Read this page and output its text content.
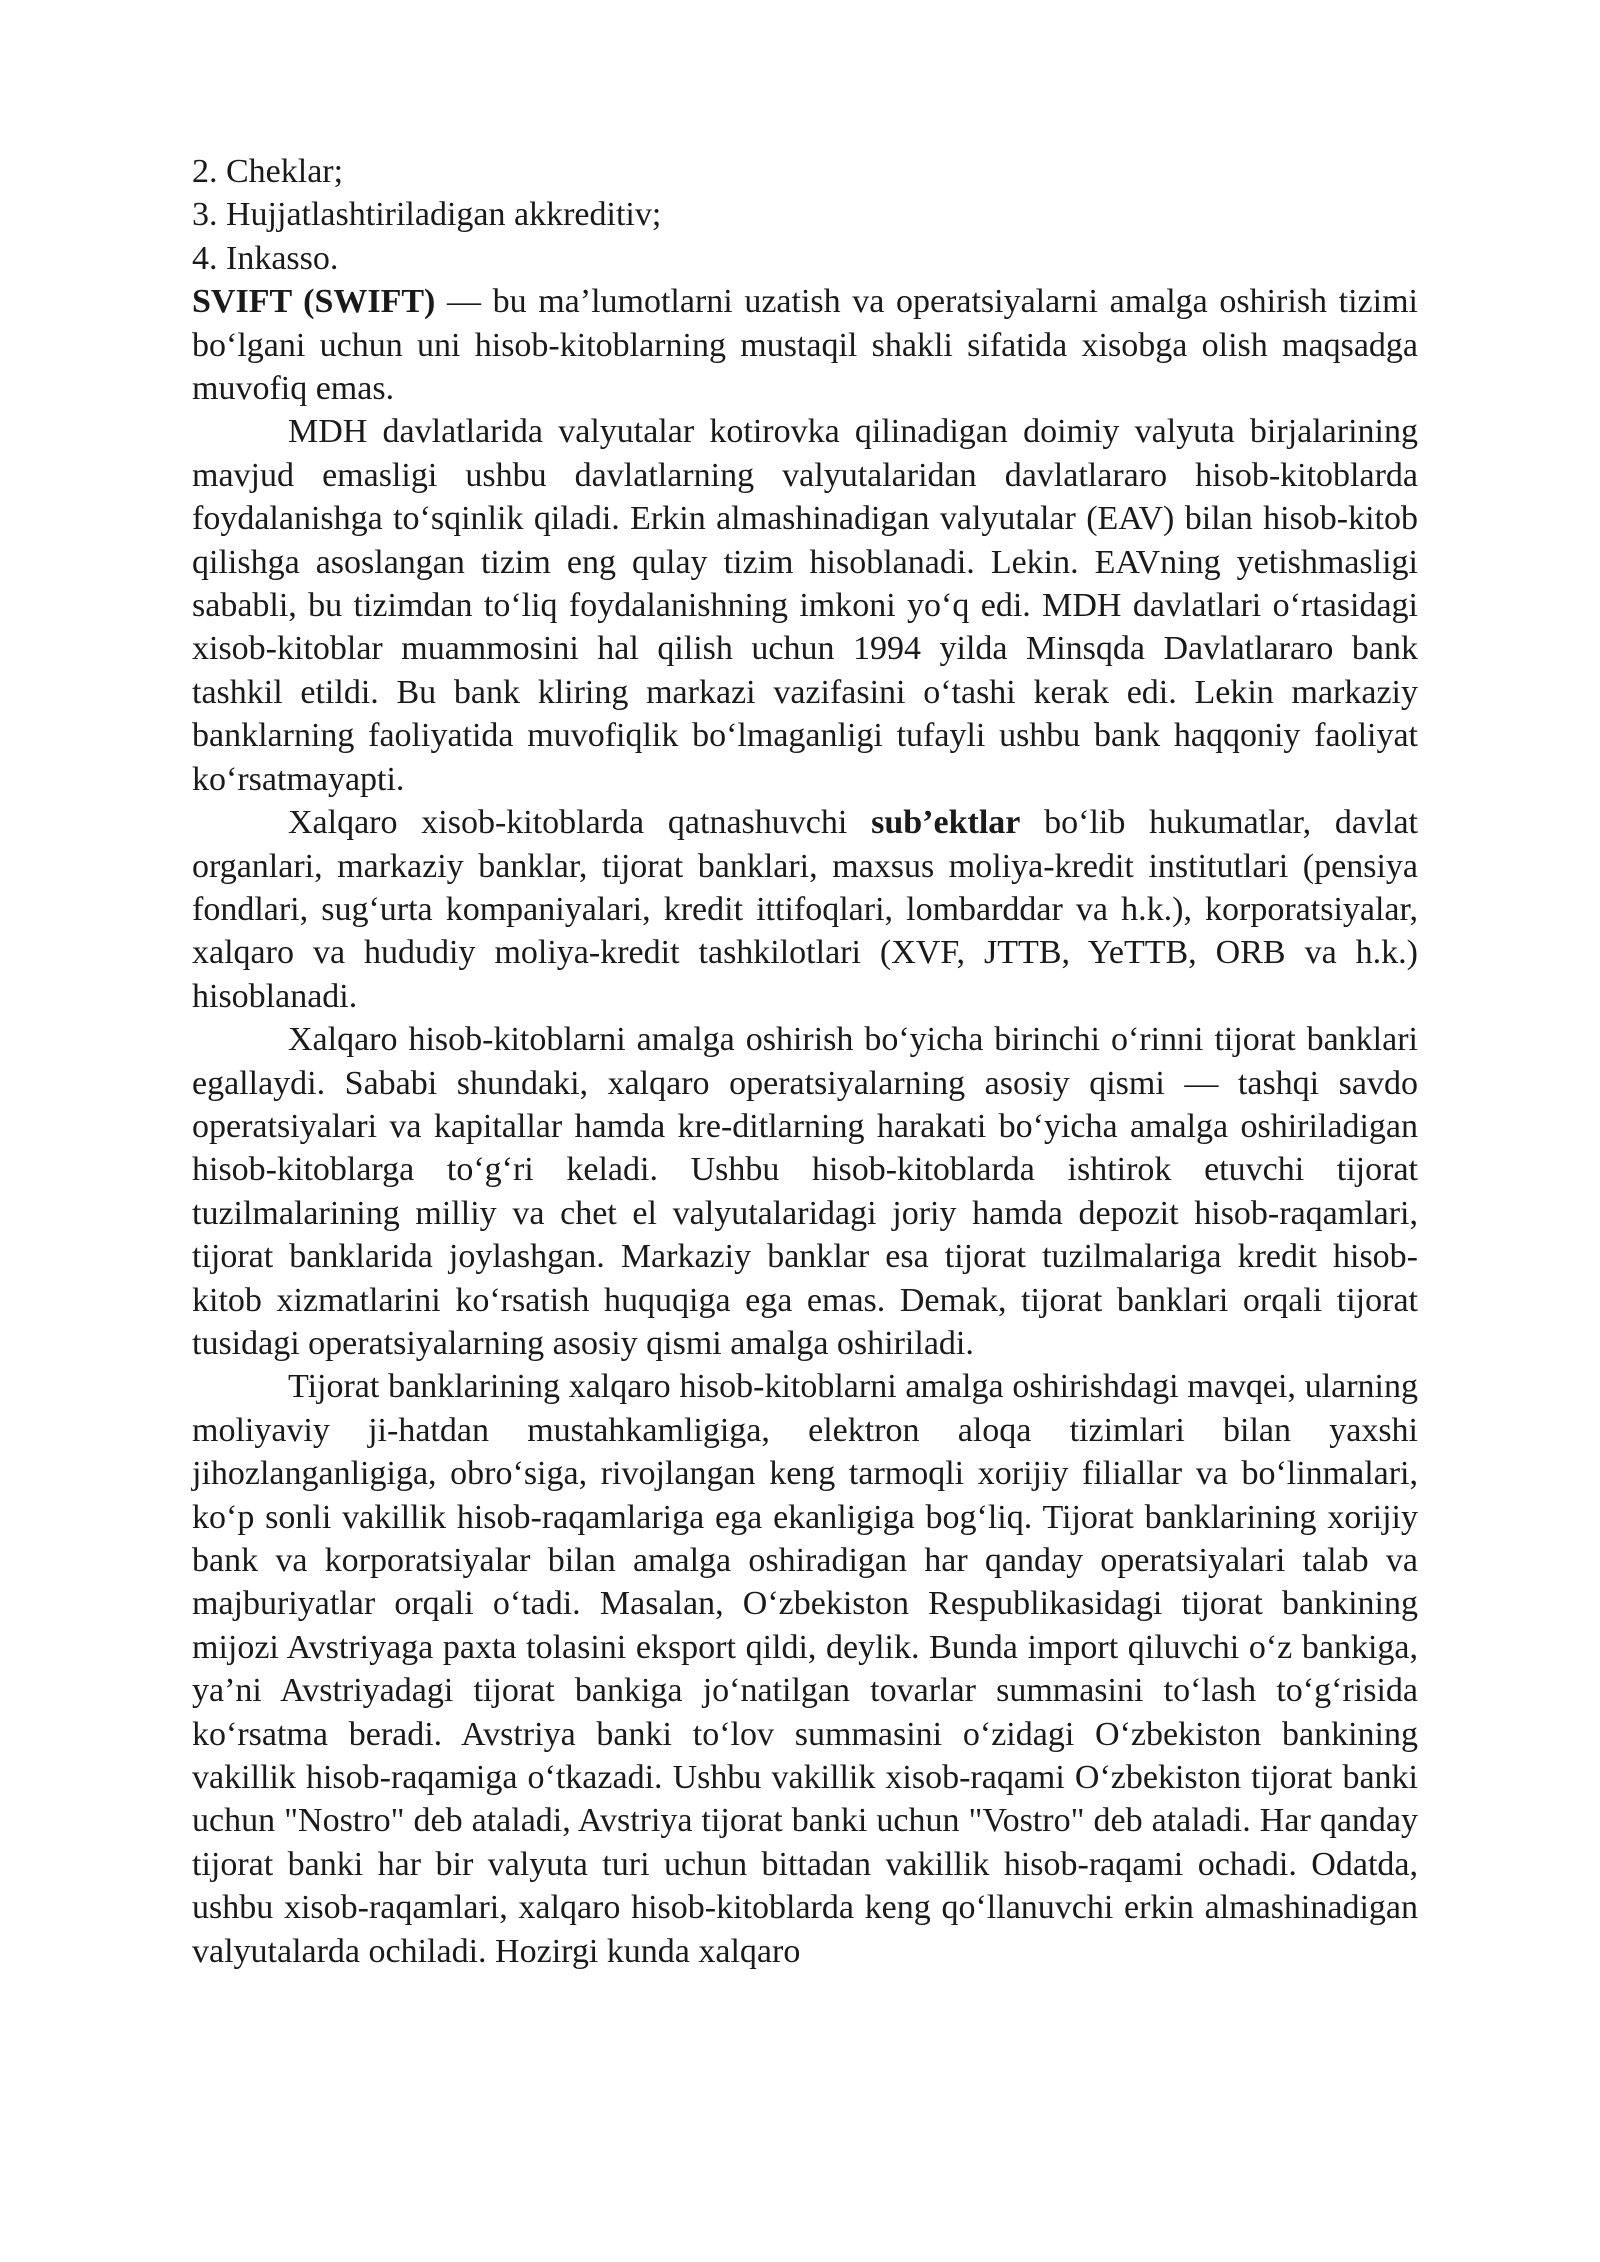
2. Cheklar;

3. Hujjatlashtiriladigan akkreditiv;

4. Inkasso.

SVIFT (SWIFT) — bu ma’lumotlarni uzatish va operatsiyalarni amalga oshirish tizimi bo‘lgani uchun uni hisob-kitoblarning mustaqil shakli sifatida xisobga olish maqsadga muvofiq emas.

MDH davlatlarida valyutalar kotirovka qilinadigan doimiy valyuta birjalarining mavjud emasligi ushbu davlatlarning valyutalaridan davlatlararo hisob-kitoblarda foydalanishga to‘sqinlik qiladi. Erkin almashinadigan valyutalar (EAV) bilan hisob-kitob qilishga asoslangan tizim eng qulay tizim hisoblanadi. Lekin. EAVning yetishmasligi sababli, bu tizimdan to‘liq foydalanishning imkoni yo‘q edi. MDH davlatlari o‘rtasidagi xisob-kitoblar muammosini hal qilish uchun 1994 yilda Minsqda Davlatlararo bank tashkil etildi. Bu bank kliring markazi vazifasini o‘tashi kerak edi. Lekin markaziy banklarning faoliyatida muvofiqlik bo‘lmaganligi tufayli ushbu bank haqqoniy faoliyat ko‘rsatmayapti.

Xalqaro xisob-kitoblarda qatnashuvchi sub’ektlar bo‘lib hukumatlar, davlat organlari, markaziy banklar, tijorat banklari, maxsus moliya-kredit institutlari (pensiya fondlari, sug‘urta kompaniyalari, kredit ittifoqlari, lombarddar va h.k.), korporatsiyalar, xalqaro va hududiy moliya-kredit tashkilotlari (XVF, JTTB, YeTTB, ORB va h.k.) hisoblanadi.

Xalqaro hisob-kitoblarni amalga oshirish bo‘yicha birinchi o‘rinni tijorat banklari egallaydi. Sababi shundaki, xalqaro operatsiyalarning asosiy qismi — tashqi savdo operatsiyalari va kapitallar hamda kre-ditlarning harakati bo‘yicha amalga oshiriladigan hisob-kitoblarga to‘g‘ri keladi. Ushbu hisob-kitoblarda ishtirok etuvchi tijorat tuzilmalarining milliy va chet el valyutalaridagi joriy hamda depozit hisob-raqamlari, tijorat banklarida joylashgan. Markaziy banklar esa tijorat tuzilmalariga kredit hisob-kitob xizmatlarini ko‘rsatish huquqiga ega emas. Demak, tijorat banklari orqali tijorat tusidagi operatsiyalarning asosiy qismi amalga oshiriladi.

Tijorat banklarining xalqaro hisob-kitoblarni amalga oshirishdagi mavqei, ularning moliyaviy ji-hatdan mustahkamligiga, elektron aloqa tizimlari bilan yaxshi jihozlanganligiga, obro‘siga, rivojlangan keng tarmoqli xorijiy filiallar va bo‘linmalari, ko‘p sonli vakillik hisob-raqamlariga ega ekanligiga bog‘liq. Tijorat banklarining xorijiy bank va korporatsiyalar bilan amalga oshiradigan har qanday operatsiyalari talab va majburiyatlar orqali o‘tadi. Masalan, O‘zbekiston Respublikasidagi tijorat bankining mijozi Avstriyaga paxta tolasini eksport qildi, deylik. Bunda import qiluvchi o‘z bankiga, ya’ni Avstriyadagi tijorat bankiga jo‘natilgan tovarlar summasini to‘lash to‘g‘risida ko‘rsatma beradi. Avstriya banki to‘lov summasini o‘zidagi O‘zbekiston bankining vakillik hisob-raqamiga o‘tkazadi. Ushbu vakillik xisob-raqami O‘zbekiston tijorat banki uchun "Nostro" deb ataladi, Avstriya tijorat banki uchun "Vostro" deb ataladi. Har qanday tijorat banki har bir valyuta turi uchun bittadan vakillik hisob-raqami ochadi. Odatda, ushbu xisob-raqamlari, xalqaro hisob-kitoblarda keng qo‘llanuvchi erkin almashinadigan valyutalarda ochiladi. Hozirgi kunda xalqaro
